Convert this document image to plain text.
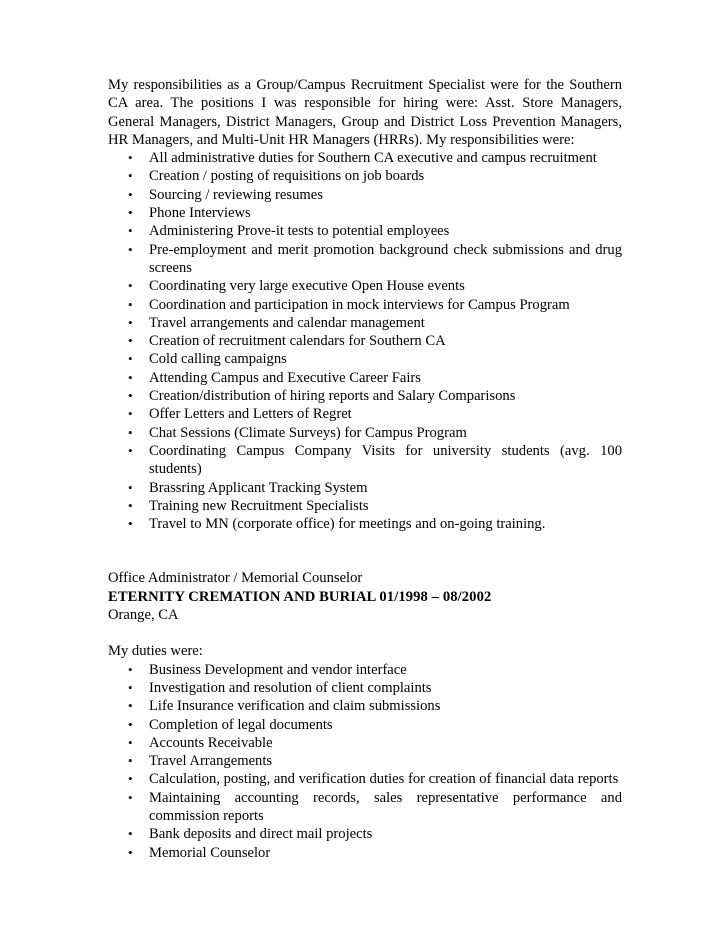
My responsibilities as a Group/Campus Recruitment Specialist were for the Southern CA area. The positions I was responsible for hiring were: Asst. Store Managers, General Managers, District Managers, Group and District Loss Prevention Managers, HR Managers, and Multi-Unit HR Managers (HRRs). My responsibilities were:

• All administrative duties for Southern CA executive and campus recruitment
• Creation / posting of requisitions on job boards
• Sourcing / reviewing resumes
• Phone Interviews
• Administering Prove-it tests to potential employees
• Pre-employment and merit promotion background check submissions and drug screens
• Coordinating very large executive Open House events
• Coordination and participation in mock interviews for Campus Program
• Travel arrangements and calendar management
• Creation of recruitment calendars for Southern CA
• Cold calling campaigns
• Attending Campus and Executive Career Fairs
• Creation/distribution of hiring reports and Salary Comparisons
• Offer Letters and Letters of Regret
• Chat Sessions (Climate Surveys) for Campus Program
• Coordinating Campus Company Visits for university students (avg. 100 students)
• Brassring Applicant Tracking System
• Training new Recruitment Specialists
• Travel to MN (corporate office) for meetings and on-going training.

Office Administrator / Memorial Counselor

ETERNITY CREMATION AND BURIAL 01/1998 – 08/2002

Orange, CA

My duties were:

• Business Development and vendor interface
• Investigation and resolution of client complaints
• Life Insurance verification and claim submissions
• Completion of legal documents
• Accounts Receivable
• Travel Arrangements
• Calculation, posting, and verification duties for creation of financial data reports
• Maintaining accounting records, sales representative performance and commission reports
• Bank deposits and direct mail projects
• Memorial Counselor
